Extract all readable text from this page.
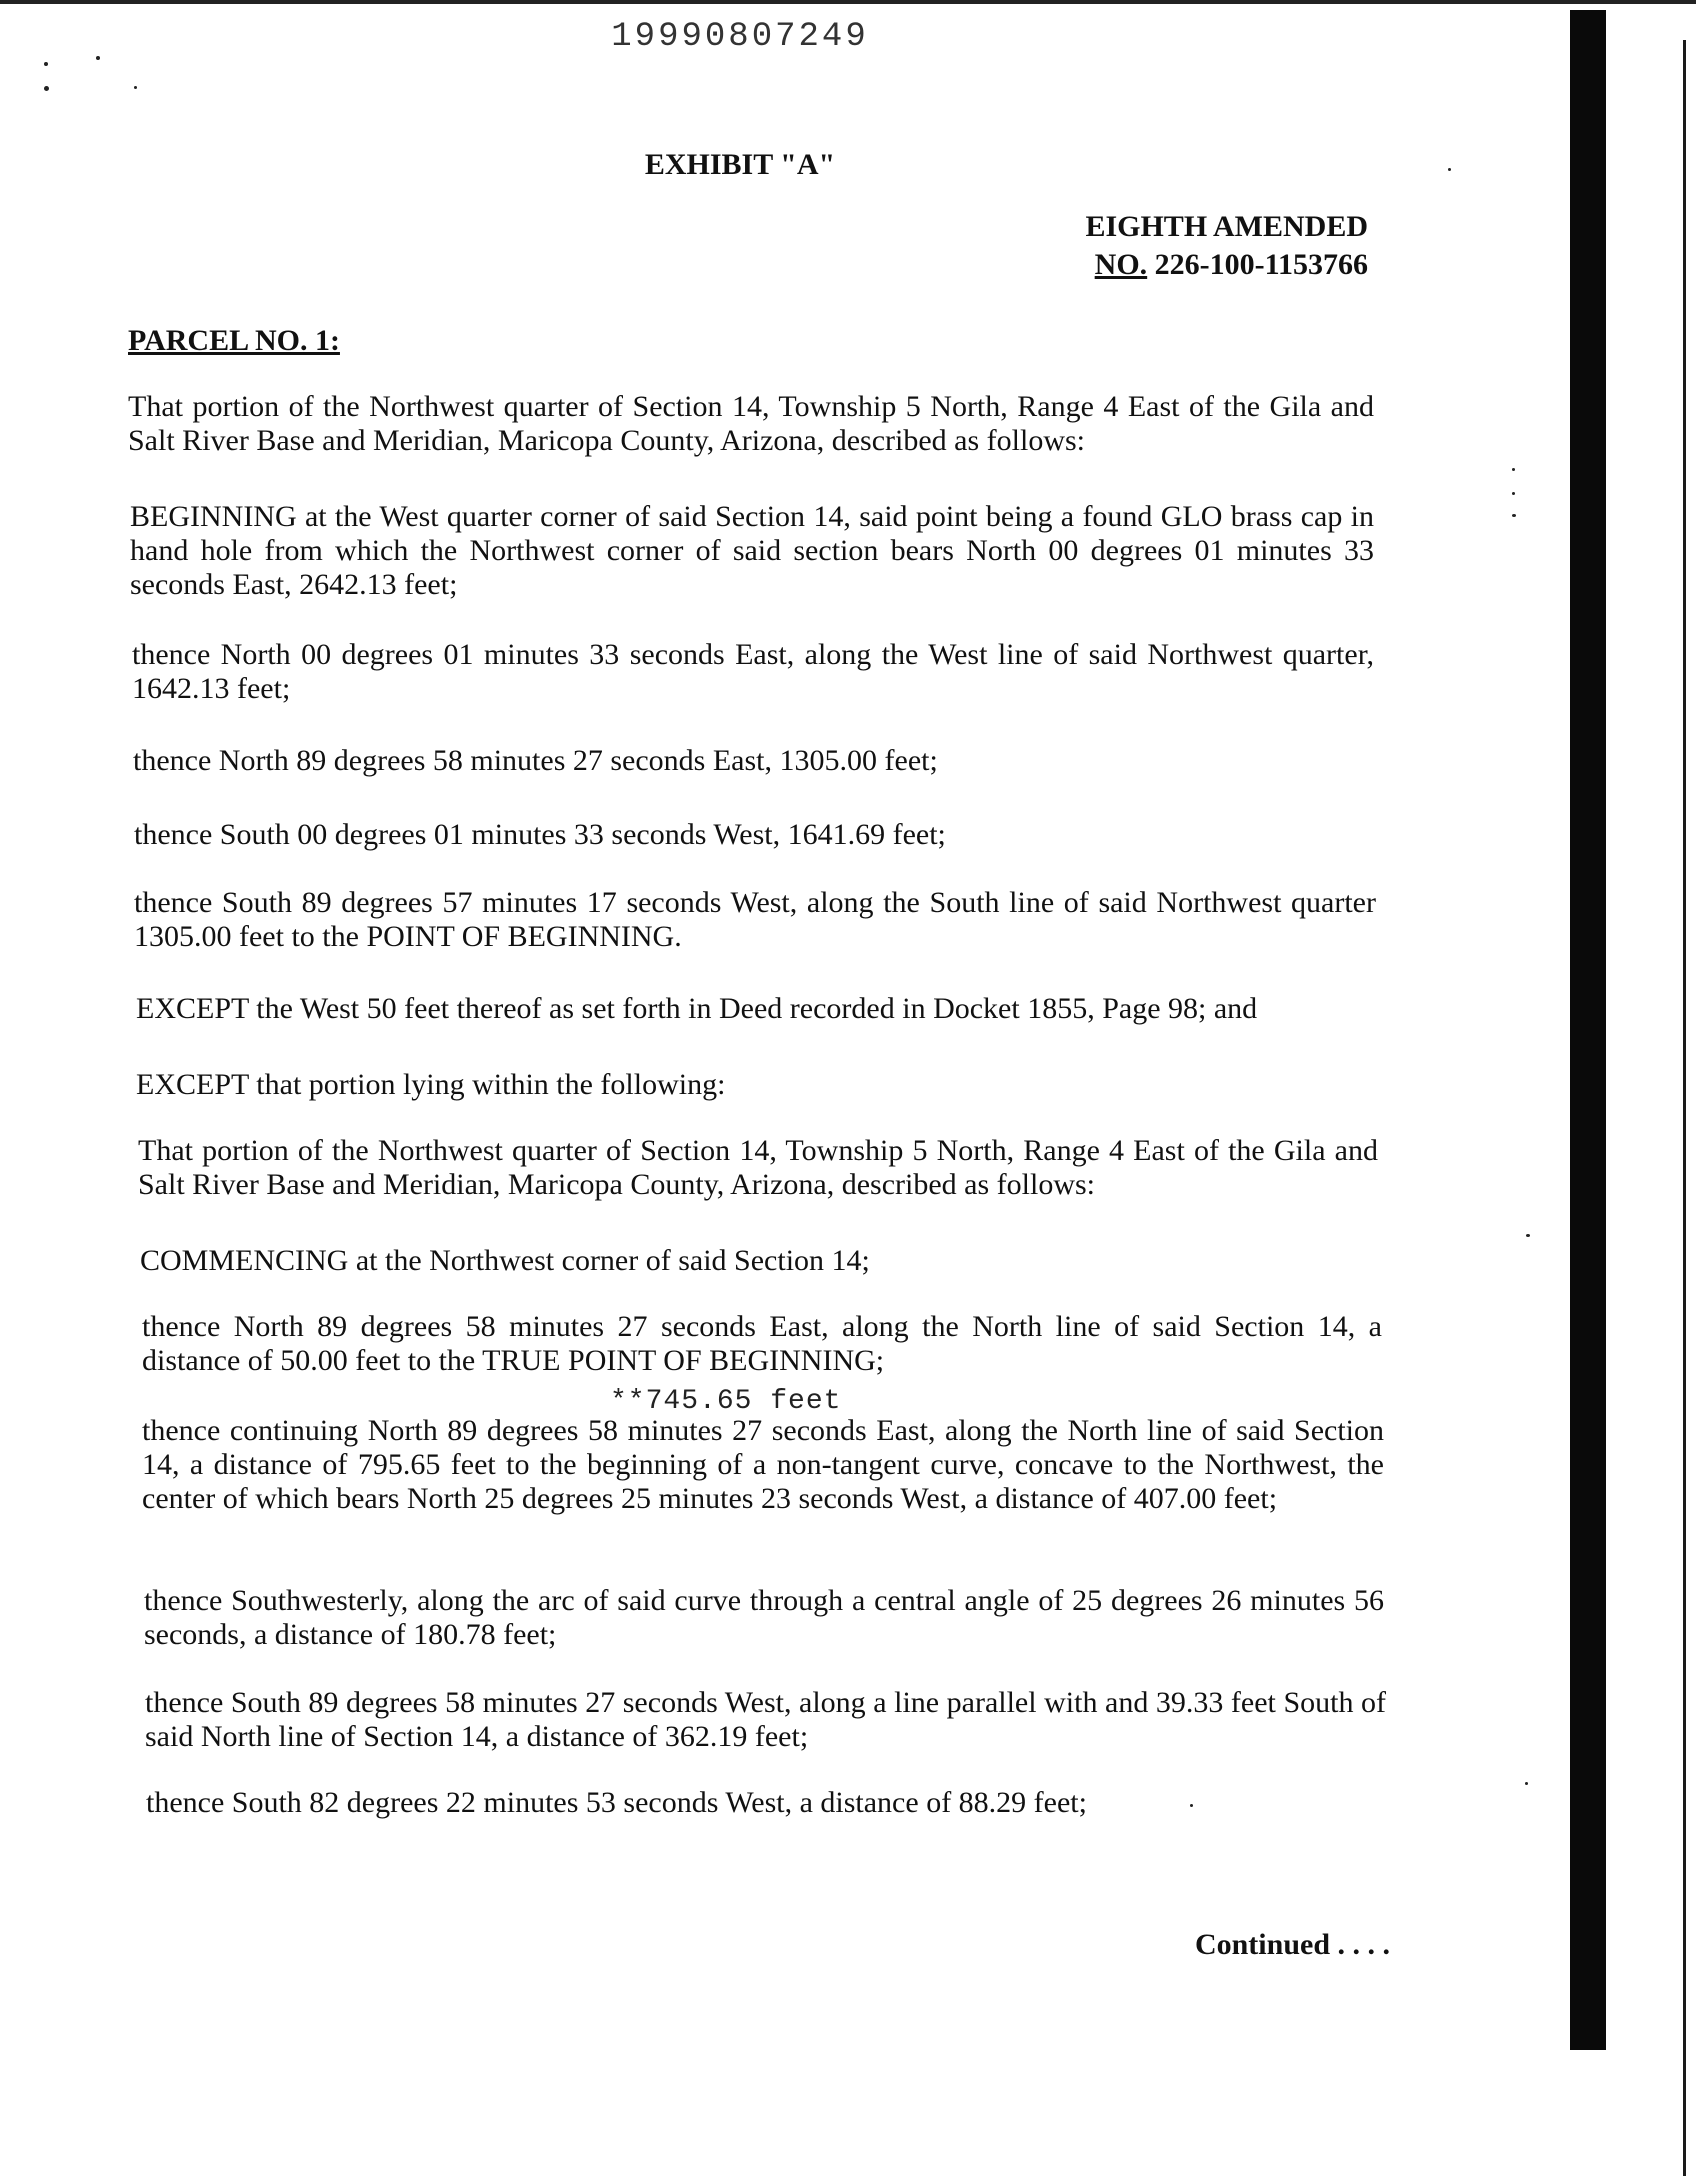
19990807249
EXHIBIT "A"
EIGHTH AMENDED
NO. 226-100-1153766
PARCEL NO. 1:
That portion of the Northwest quarter of Section 14, Township 5 North, Range 4 East of the Gila and Salt River Base and Meridian, Maricopa County, Arizona, described as follows:
BEGINNING at the West quarter corner of said Section 14, said point being a found GLO brass cap in hand hole from which the Northwest corner of said section bears North 00 degrees 01 minutes 33 seconds East, 2642.13 feet;
thence North 00 degrees 01 minutes 33 seconds East, along the West line of said Northwest quarter, 1642.13 feet;
thence North 89 degrees 58 minutes 27 seconds East, 1305.00 feet;
thence South 00 degrees 01 minutes 33 seconds West, 1641.69 feet;
thence South 89 degrees 57 minutes 17 seconds West, along the South line of said Northwest quarter 1305.00 feet to the POINT OF BEGINNING.
EXCEPT the West 50 feet thereof as set forth in Deed recorded in Docket 1855, Page 98; and
EXCEPT that portion lying within the following:
That portion of the Northwest quarter of Section 14, Township 5 North, Range 4 East of the Gila and Salt River Base and Meridian, Maricopa County, Arizona, described as follows:
COMMENCING at the Northwest corner of said Section 14;
thence North 89 degrees 58 minutes 27 seconds East, along the North line of said Section 14, a distance of 50.00 feet to the TRUE POINT OF BEGINNING;
**745.65 feet
thence continuing North 89 degrees 58 minutes 27 seconds East, along the North line of said Section 14, a distance of 795.65 feet to the beginning of a non-tangent curve, concave to the Northwest, the center of which bears North 25 degrees 25 minutes 23 seconds West, a distance of 407.00 feet;
thence Southwesterly, along the arc of said curve through a central angle of 25 degrees 26 minutes 56 seconds, a distance of 180.78 feet;
thence South 89 degrees 58 minutes 27 seconds West, along a line parallel with and 39.33 feet South of said North line of Section 14, a distance of 362.19 feet;
thence South 82 degrees 22 minutes 53 seconds West, a distance of 88.29 feet;
Continued . . . .
